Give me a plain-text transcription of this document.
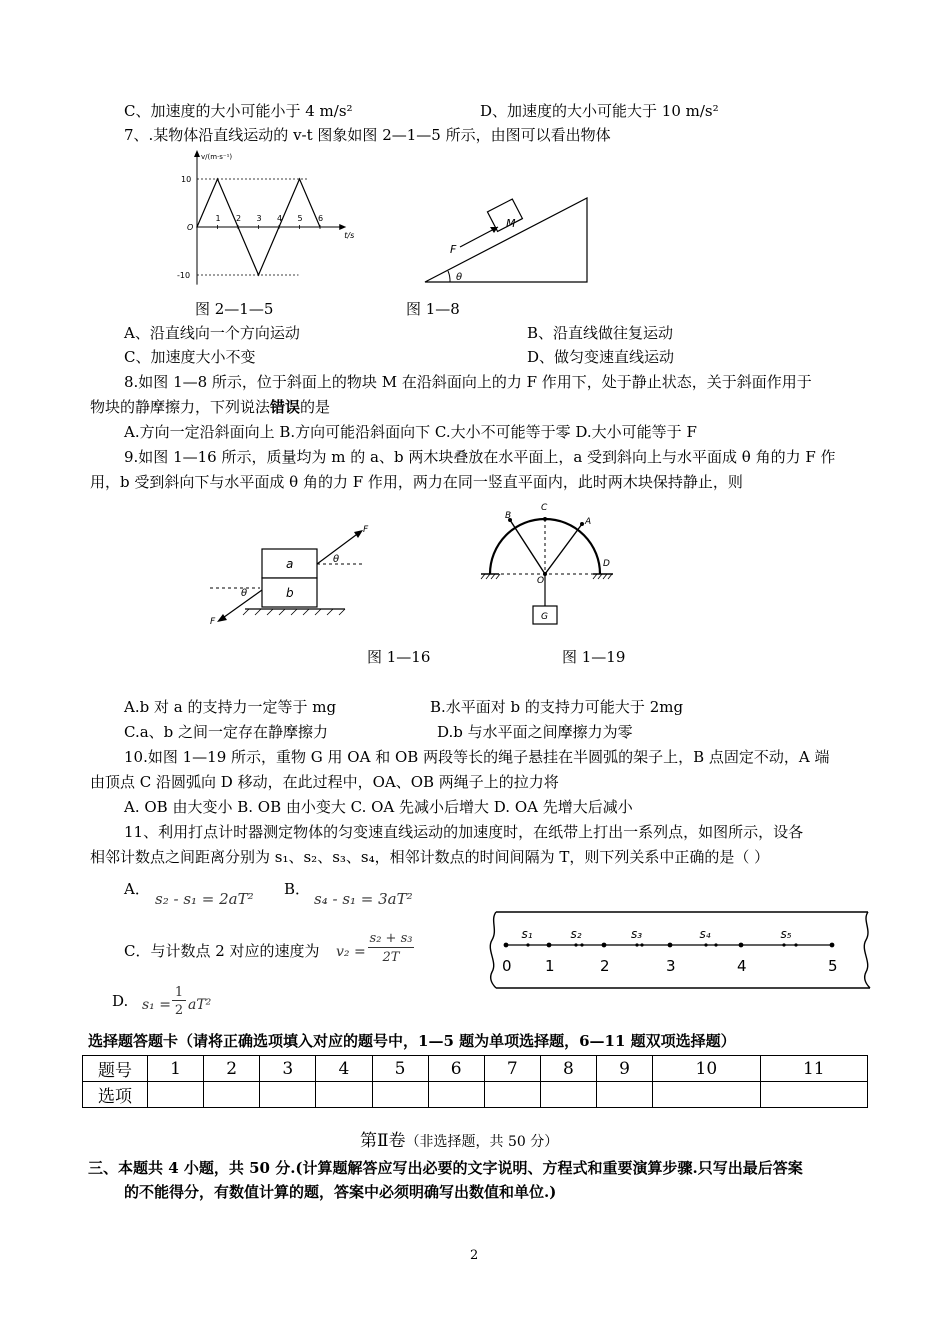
C、加速度的大小可能小于 4 m/s²	D、加速度的大小可能大于 10 m/s²
7、.某物体沿直线运动的 v-t 图象如图 2—1—5 所示，由图可以看出物体
v/(m·s⁻¹)
t/s
10
O
-10
1 2 3 4 5 6	M
F
θ
图 2—1—5	图 1—8
A、沿直线向一个方向运动	B、沿直线做往复运动
C、加速度大小不变	D、做匀变速直线运动
8.如图 1—8 所示，位于斜面上的物块 M 在沿斜面向上的力 F 作用下，处于静止状态，关于斜面作用于
物块的静摩擦力，下列说法错误的是
A.方向一定沿斜面向上 B.方向可能沿斜面向下 C.大小不可能等于零 D.大小可能等于 F
9.如图 1—16 所示，质量均为 m 的 a、b 两木块叠放在水平面上，a 受到斜向上与水平面成 θ 角的力 F 作
用，b 受到斜向下与水平面成 θ 角的力 F 作用，两力在同一竖直平面内，此时两木块保持静止，则
a
b
F
θ
F
θ
B
C
A
D
O
G
图 1—16	图 1—19
A.b 对 a 的支持力一定等于 mg	B.水平面对 b 的支持力可能大于 2mg
C.a、b 之间一定存在静摩擦力	D.b 与水平面之间摩擦力为零
10.如图 1—19 所示，重物 G 用 OA 和 OB 两段等长的绳子悬挂在半圆弧的架子上，B 点固定不动，A 端
由顶点 C 沿圆弧向 D 移动，在此过程中，OA、OB 两绳子上的拉力将
A. OB 由大变小 B. OB 由小变大 C. OA 先减小后增大 D. OA 先增大后减小
11、利用打点计时器测定物体的匀变速直线运动的加速度时，在纸带上打出一系列点，如图所示，设各
相邻计数点之间距离分别为 s₁、s₂、s₃、s₄，相邻计数点的时间间隔为 T，则下列关系中正确的是（ ）
A．
s₂ - s₁ = 2aT²
B．
s₄ - s₁ = 3aT²
C．与计数点 2 对应的速度为 v₂ =
s₂ + s₃
2T
D. s₁ =
1
2 aT²
0 1	2	3	4	5
s₁	s₂	s₃	s₄	s₅
选择题答题卡（请将正确选项填入对应的题号中，1—5 题为单项选择题，6—11 题双项选择题）
题号	1	2	3	4	5	6	7	8	9	10	11
选项											
第Ⅱ卷（非选择题，共 50 分）
三、本题共 4 小题，共 50 分.(计算题解答应写出必要的文字说明、方程式和重要演算步骤.只写出最后答案
的不能得分，有数值计算的题，答案中必须明确写出数值和单位.)
2
